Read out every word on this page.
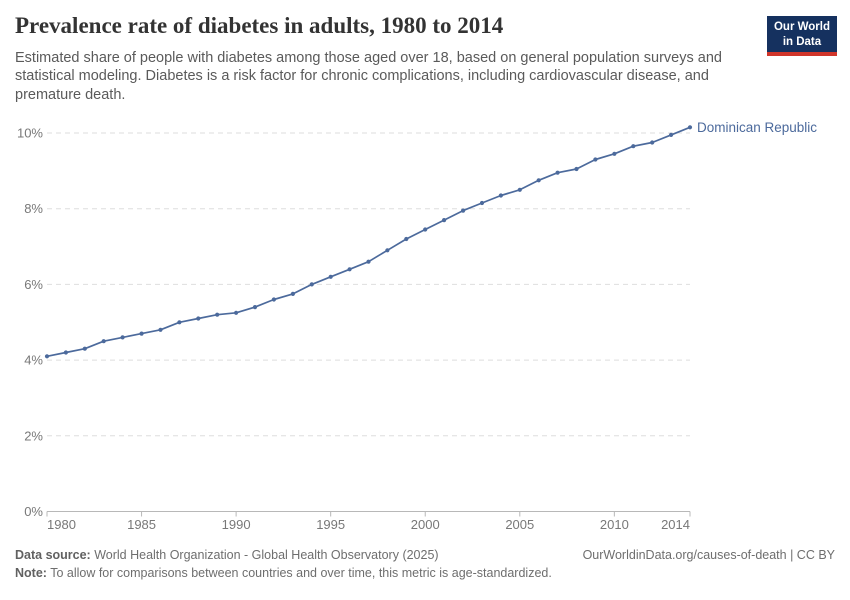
Prevalence rate of diabetes in adults, 1980 to 2014
Estimated share of people with diabetes among those aged over 18, based on general population surveys and
statistical modeling. Diabetes is a risk factor for chronic complications, including cardiovascular disease, and
premature death.
Our World
in Data
0%
2%
4%
6%
8%
10%
1980	1985	1990	1995	2000	2005	2010 2014
Dominican Republic
Data source: World Health Organization - Global Health Observatory (2025)	OurWorldinData.org/causes-of-death | CC BY
Note: To allow for comparisons between countries and over time, this metric is age-standardized.
